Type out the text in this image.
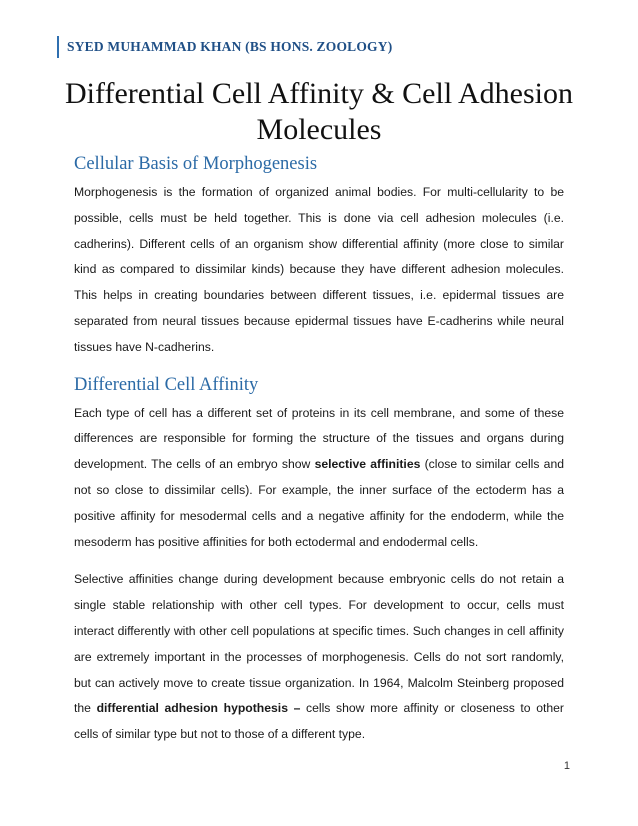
SYED MUHAMMAD KHAN (BS HONS. ZOOLOGY)
Differential Cell Affinity & Cell Adhesion Molecules
Cellular Basis of Morphogenesis

Morphogenesis is the formation of organized animal bodies. For multi-cellularity to be possible, cells must be held together. This is done via cell adhesion molecules (i.e. cadherins). Different cells of an organism show differential affinity (more close to similar kind as compared to dissimilar kinds) because they have different adhesion molecules. This helps in creating boundaries between different tissues, i.e. epidermal tissues are separated from neural tissues because epidermal tissues have E-cadherins while neural tissues have N-cadherins.

Differential Cell Affinity

Each type of cell has a different set of proteins in its cell membrane, and some of these differences are responsible for forming the structure of the tissues and organs during development. The cells of an embryo show selective affinities (close to similar cells and not so close to dissimilar cells). For example, the inner surface of the ectoderm has a positive affinity for mesodermal cells and a negative affinity for the endoderm, while the mesoderm has positive affinities for both ectodermal and endodermal cells.

Selective affinities change during development because embryonic cells do not retain a single stable relationship with other cell types. For development to occur, cells must interact differently with other cell populations at specific times. Such changes in cell affinity are extremely important in the processes of morphogenesis. Cells do not sort randomly, but can actively move to create tissue organization. In 1964, Malcolm Steinberg proposed the differential adhesion hypothesis – cells show more affinity or closeness to other cells of similar type but not to those of a different type.

1
